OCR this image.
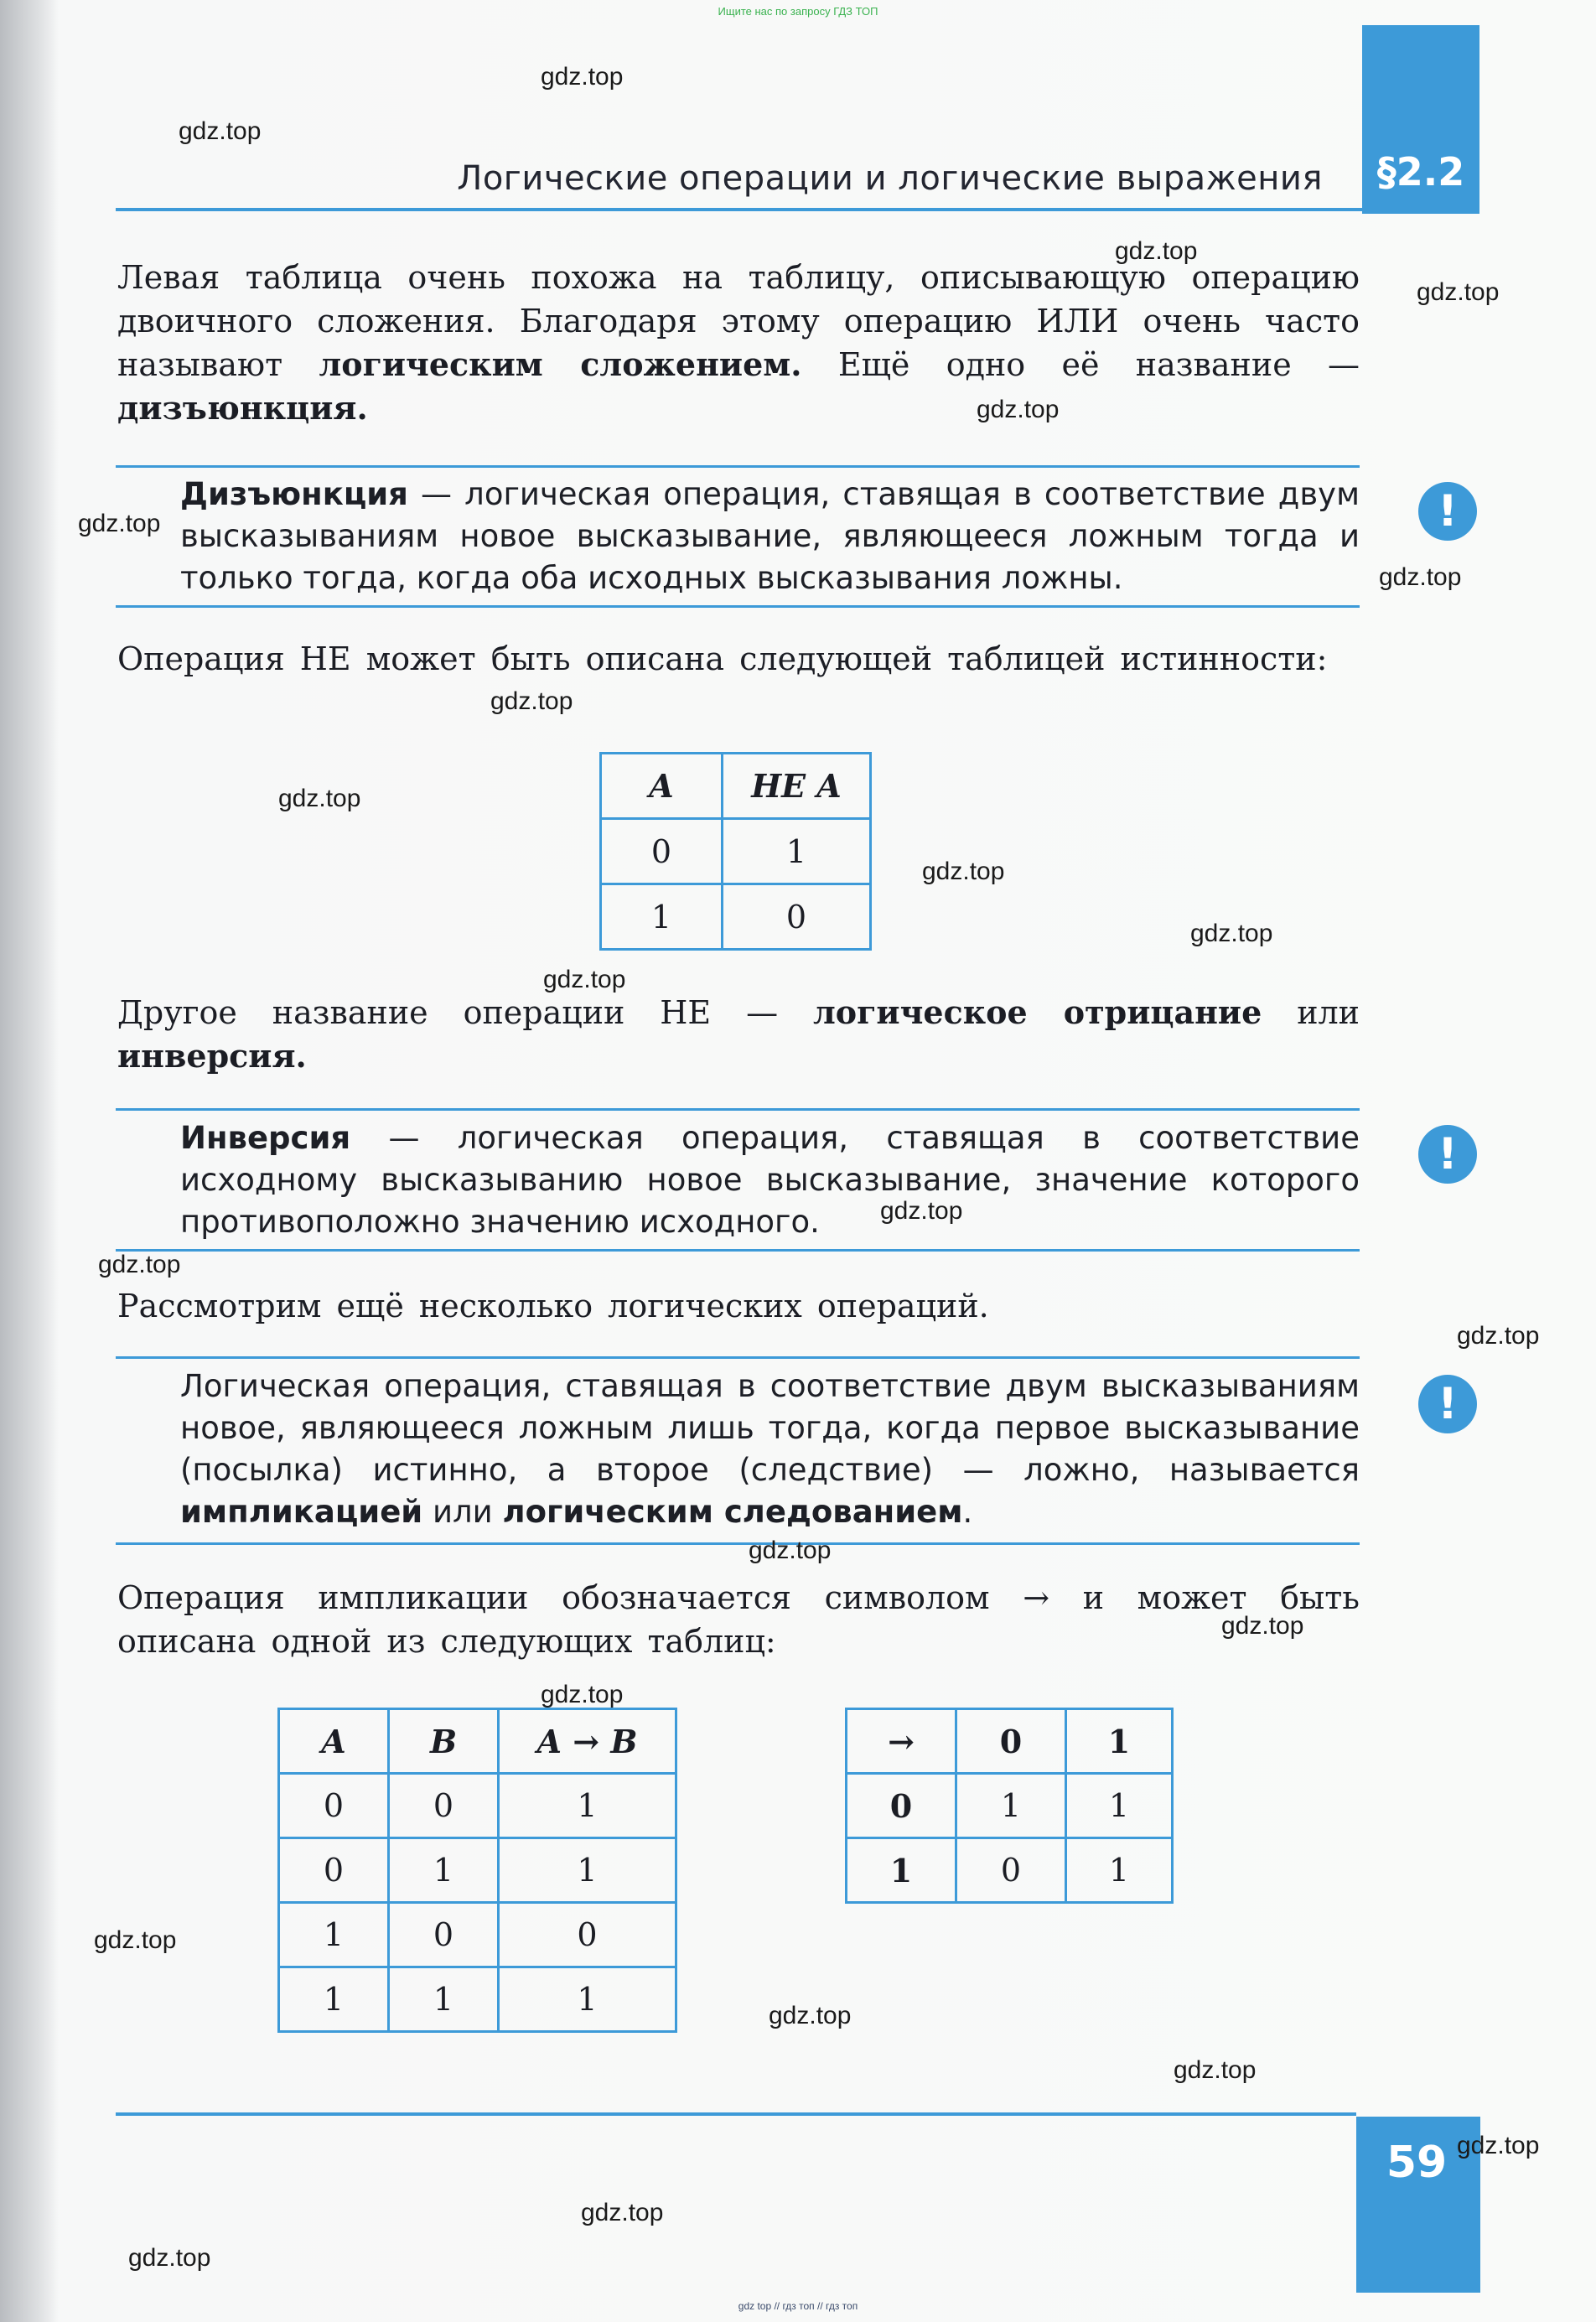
Ищите нас по запросу ГДЗ ТОП
§2.2
Логические операции и логические выражения
Левая таблица очень похожа на таблицу, описывающую операцию двоичного сложения. Благодаря этому операцию ИЛИ очень часто называют логическим сложением. Ещё одно её название — дизъюнкция.
Дизъюнкция — логическая операция, ставящая в соответствие двум высказываниям новое высказывание, являющееся ложным тогда и только тогда, когда оба исходных высказывания ложны.
!
Операция НЕ может быть описана следующей таблицей истинности:
A	НЕ A
0	1
1	0
Другое название операции НЕ — логическое отрицание или инверсия.
Инверсия — логическая операция, ставящая в соответствие исходному высказыванию новое высказывание, значение которого противоположно значению исходного.
!
Рассмотрим ещё несколько логических операций.
Логическая операция, ставящая в соответствие двум высказываниям новое, являющееся ложным лишь тогда, когда первое высказывание (посылка) истинно, а второе (следствие) — ложно, называется импликацией или логическим следованием.
!
Операция импликации обозначается символом → и может быть описана одной из следующих таблиц:
A	B	A → B
0	0	1
0	1	1
1	0	0
1	1	1
→	0	1
0	1	1
1	0	1
59
gdz.top
gdz.top
gdz.top
gdz.top
gdz.top
gdz.top
gdz.top
gdz.top
gdz.top
gdz.top
gdz.top
gdz.top
gdz.top
gdz.top
gdz.top
gdz.top
gdz.top
gdz.top
gdz.top
gdz.top
gdz.top
gdz.top
gdz.top
gdz.top
gdz top // гдз топ // гдз топ
